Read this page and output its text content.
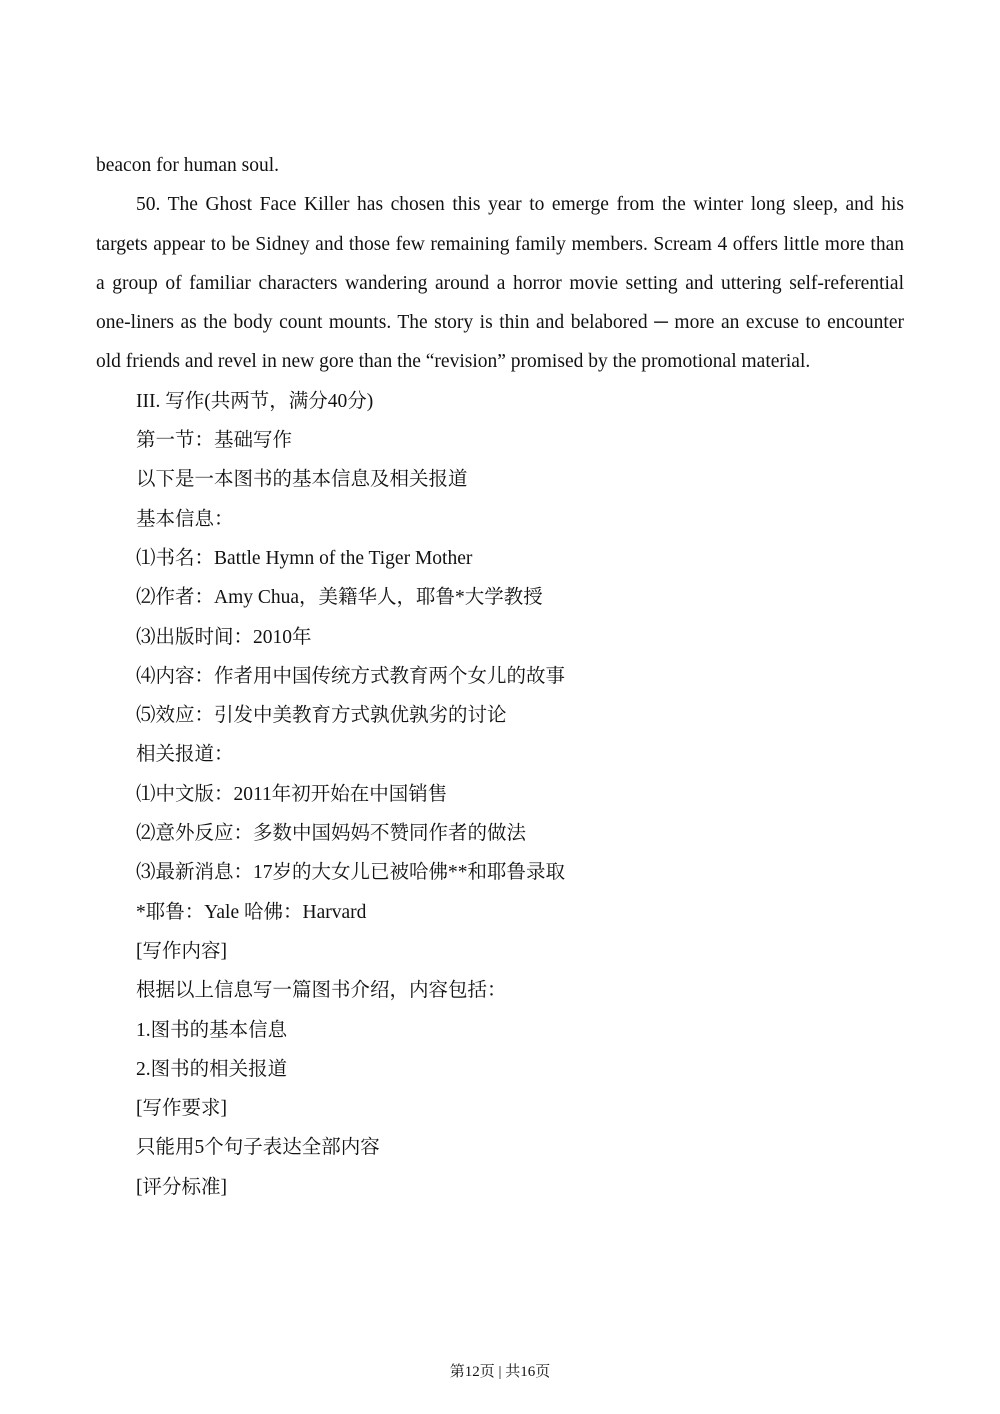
beacon for human soul.

50. The Ghost Face Killer has chosen this year to emerge from the winter long sleep, and his targets appear to be Sidney and those few remaining family members. Scream 4 offers little more than a group of familiar characters wandering around a horror movie setting and uttering self-referential one-liners as the body count mounts. The story is thin and belabored ─ more an excuse to encounter old friends and revel in new gore than the “revision” promised by the promotional material.

III. 写作(共两节，满分40分)

第一节：基础写作

以下是一本图书的基本信息及相关报道

基本信息：

⑴书名：Battle Hymn of the Tiger Mother

⑵作者：Amy Chua，美籍华人，耶鲁*大学教授

⑶出版时间：2010年

⑷内容：作者用中国传统方式教育两个女儿的故事

⑸效应：引发中美教育方式孰优孰劣的讨论

相关报道：

⑴中文版：2011年初开始在中国销售

⑵意外反应：多数中国妈妈不赞同作者的做法

⑶最新消息：17岁的大女儿已被哈佛**和耶鲁录取

*耶鲁：Yale 哈佛：Harvard

[写作内容]

根据以上信息写一篇图书介绍，内容包括：

1.图书的基本信息

2.图书的相关报道

[写作要求]

只能用5个句子表达全部内容

[评分标准]

第12页 | 共16页
